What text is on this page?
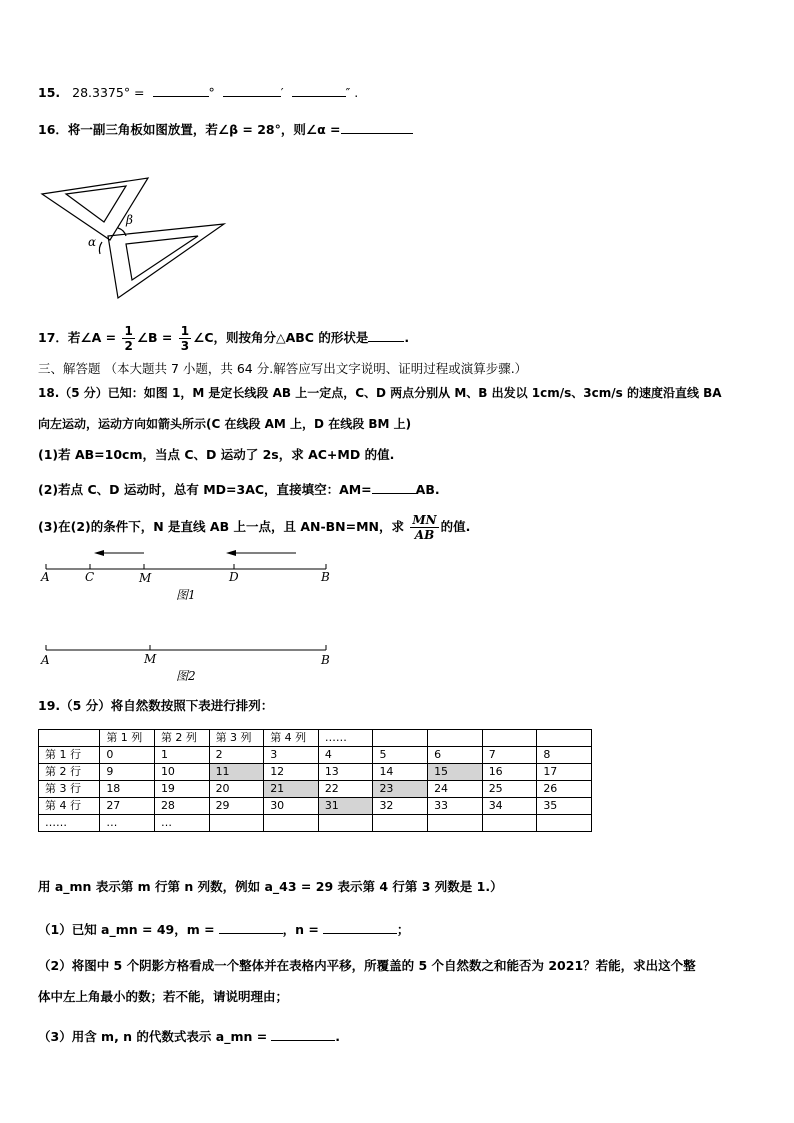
15. 28.3375° =	°	′	″ .
16．将一副三角板如图放置，若∠β = 28°，则∠α =
α
β
17．若∠A = $\frac{1}{2}$ ∠B = $\frac{1}{3}$ ∠C，则按角分△ABC 的形状是	.
三、解答题 （本大题共 7 小题，共 64 分.解答应写出文字说明、证明过程或演算步骤.）
18.（5 分）已知：如图 1，M 是定长线段 AB 上一定点，C、D 两点分别从 M、B 出发以 1cm/s、3cm/s 的速度沿直线 BA
向左运动，运动方向如箭头所示(C 在线段 AM 上，D 在线段 BM 上)
(1)若 AB=10cm，当点 C、D 运动了 2s，求 AC+MD 的值.
(2)若点 C、D 运动时，总有 MD=3AC，直接填空：AM=	AB.
(3)在(2)的条件下，N 是直线 AB 上一点，且 AN-BN=MN，求 $\frac{MN}{AB}$ 的值.
A	C	M	D	B
图1
A	M	B
图2
19.（5 分）将自然数按照下表进行排列：
	第 1 列	第 2 列	第 3 列	第 4 列	……				
第 1 行	0	1	2	3	4	5	6	7	8
第 2 行	9	10	11	12	13	14	15	16	17
第 3 行	18	19	20	21	22	23	24	25	26
第 4 行	27	28	29	30	31	32	33	34	35
……	…	…							
用 a_mn 表示第 m 行第 n 列数，例如 a_43 = 29 表示第 4 行第 3 列数是 1.）
（1）已知 a_mn = 49，m =	，n =	；
（2）将图中 5 个阴影方格看成一个整体并在表格内平移，所覆盖的 5 个自然数之和能否为 2021？若能，求出这个整
体中左上角最小的数；若不能，请说明理由；
（3）用含 m, n 的代数式表示 a_mn =	.
